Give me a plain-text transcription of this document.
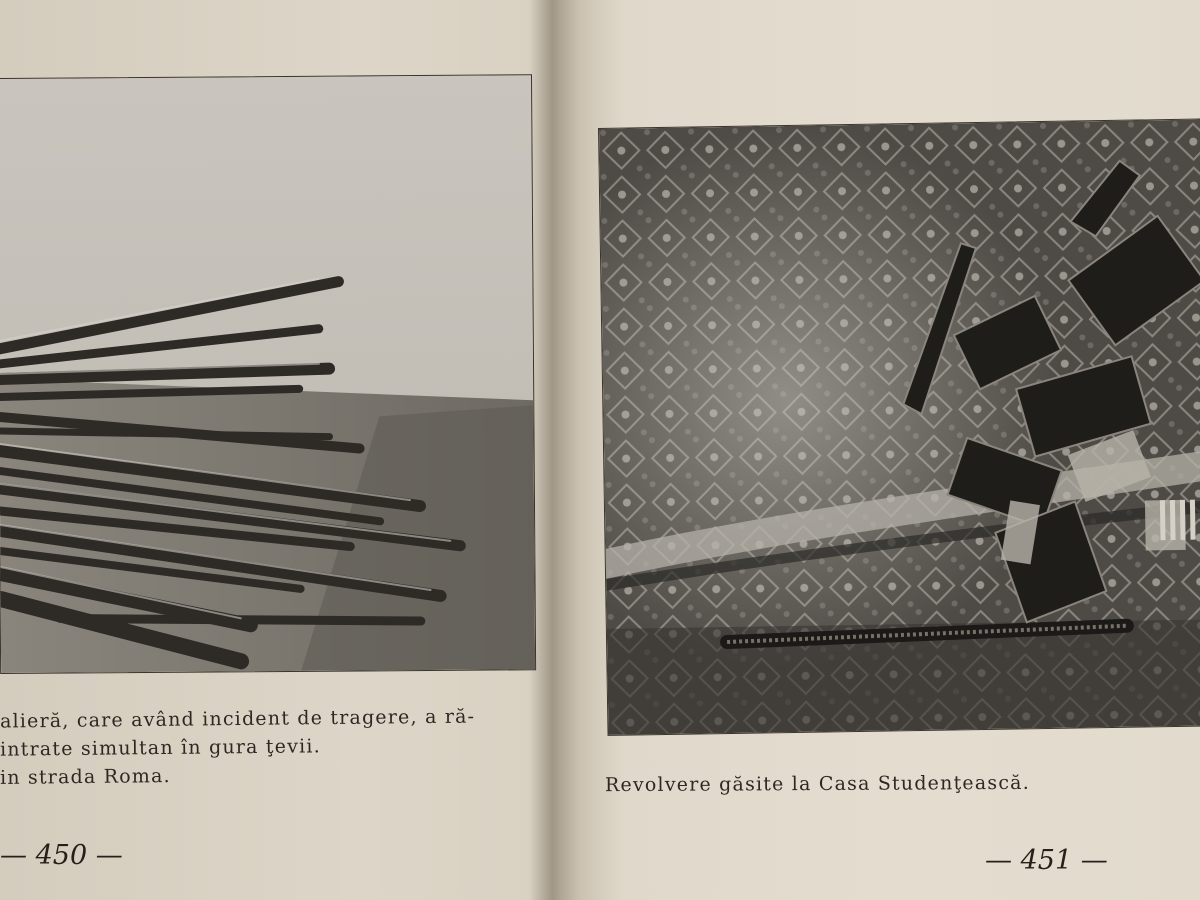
alieră, care având incident de tragere, a ră-
intrate simultan în gura ţevii.
in strada Roma.	Revolvere găsite la Casa Studenţească.
— 450 —	— 451 —
